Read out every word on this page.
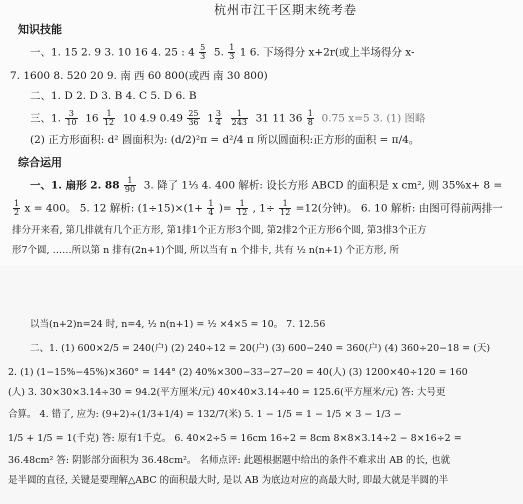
杭州市江干区期末统考卷
知识技能
一、1. 15 2. 9 3. 10 16 4. 25 : $4 \frac{5}{3} 5$. $\frac{1}{3} 1$ 6. 下场得分 x+2r(或上半场得分 x-
7. 1600 8. 520 20 9. 南 西 60 800(或西 南 30 800)
二、1. D 2. D 3. B 4. C 5. D 6. B
三、1. $\frac{3}{10} 16 \frac{1}{12} 10$ 4.9 $0.49 \frac{25}{36} 1 \frac{3}{4}$
$\frac{1}{243} 31$ 11 $36 \frac{1}{8} 0.75$ x=5 3. (1) 图略
(2) 正方形面积: d² 圆面积为: (d/2)²π = d²/4 π 所以圆面积:正方形的面积 = π/4。
综合运用
一、1. 扇形 2. $88 \frac{1}{90} 3$. 降了 1⅓ 4. 400 解析: 设长方形 ABCD 的面积是 x cm², 则 35%x+ 8 =
$\frac{1}{2}$ x = 400。 5. 12 解析: $(1\div 15)\times(1+ \frac{1}{4}$ )= $\frac{1}{12}$ , $1\div \frac{1}{12} =12$(分钟)。 6. 10 解析: 由图可得前两排一
排分开来看, 第几排就有几个正方形, 第1排1个正方形3个圆, 第2排2个正方形6个圆, 第3排3个正方
形7个圆, ……所以第 n 排有(2n+1)个圆, 所以当有 n 个排卡, 共有 ½ n(n+1) 个正方形, 所
以当(n+2)n=24 时, n=4, ½ n(n+1) = ½ ×4×5 = 10。 7. 12.56
二、1. (1) 600×2/5 = 240(户) (2) 240÷12 = 20(户) (3) 600−240 = 360(户) (4) 360÷20−18 = (天)
2. (1) (1−15%−45%)×360° = 144° (2) 40%×300−33−27−20 = 40(人) (3) 1200×40÷120 = 160
(人) 3. 30×30×3.14÷30 = 94.2(平方厘米/元) 40×40×3.14÷40 = 125.6(平方厘米/元) 答: 大号更
合算。 4. 错了, 应为: (9+2)÷(1/3+1/4) = 132/7(米) 5. 1 − 1/5 = 1 − 1/5 × 3 − 1/3 −
1/5 + 1/5 = 1(千克) 答: 原有1千克。 6. 40×2÷5 = 16cm 16÷2 = 8cm 8×8×3.14÷2 − 8×16÷2 =
36.48cm² 答: 阴影部分面积为 36.48cm²。 名师点评: 此题根据题中给出的条件不难求出 AB 的长, 也就
是半圆的直径, 关键是要理解△ABC 的面积最大时, 是以 AB 为底边对应的高最大时, 即最大就是半圆的半
